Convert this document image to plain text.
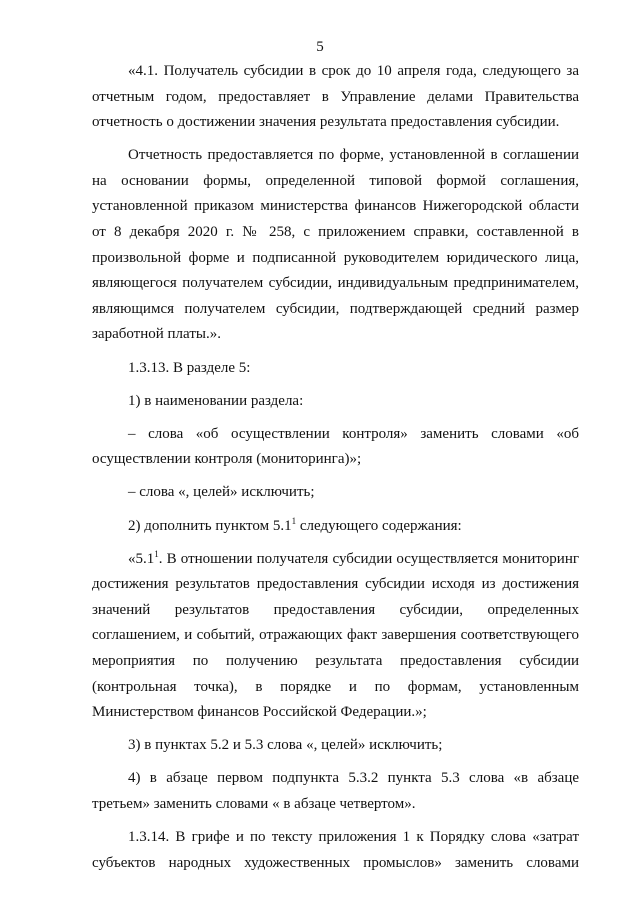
5

«4.1. Получатель субсидии в срок до 10 апреля года, следующего за отчетным годом, предоставляет в Управление делами Правительства отчетность о достижении значения результата предоставления субсидии.

Отчетность предоставляется по форме, установленной в соглашении на основании формы, определенной типовой формой соглашения, установленной приказом министерства финансов Нижегородской области от 8 декабря 2020 г. № 258, с приложением справки, составленной в произвольной форме и подписанной руководителем юридического лица, являющегося получателем субсидии, индивидуальным предпринимателем, являющимся получателем субсидии, подтверждающей средний размер заработной платы.».

1.3.13. В разделе 5:

1) в наименовании раздела:

– слова «об осуществлении контроля» заменить словами «об осуществлении контроля (мониторинга)»;

– слова «, целей» исключить;

2) дополнить пунктом $5.1^1$ следующего содержания:

«$5.1^1$. В отношении получателя субсидии осуществляется мониторинг достижения результатов предоставления субсидии исходя из достижения значений результатов предоставления субсидии, определенных соглашением, и событий, отражающих факт завершения соответствующего мероприятия по получению результата предоставления субсидии (контрольная точка), в порядке и по формам, установленным Министерством финансов Российской Федерации.»;

3) в пунктах 5.2 и 5.3 слова «, целей» исключить;

4) в абзаце первом подпункта 5.3.2 пункта 5.3 слова «в абзаце третьем» заменить словами « в абзаце четвертом».

1.3.14. В грифе и по тексту приложения 1 к Порядку слова «затрат субъектов народных художественных промыслов» заменить словами
